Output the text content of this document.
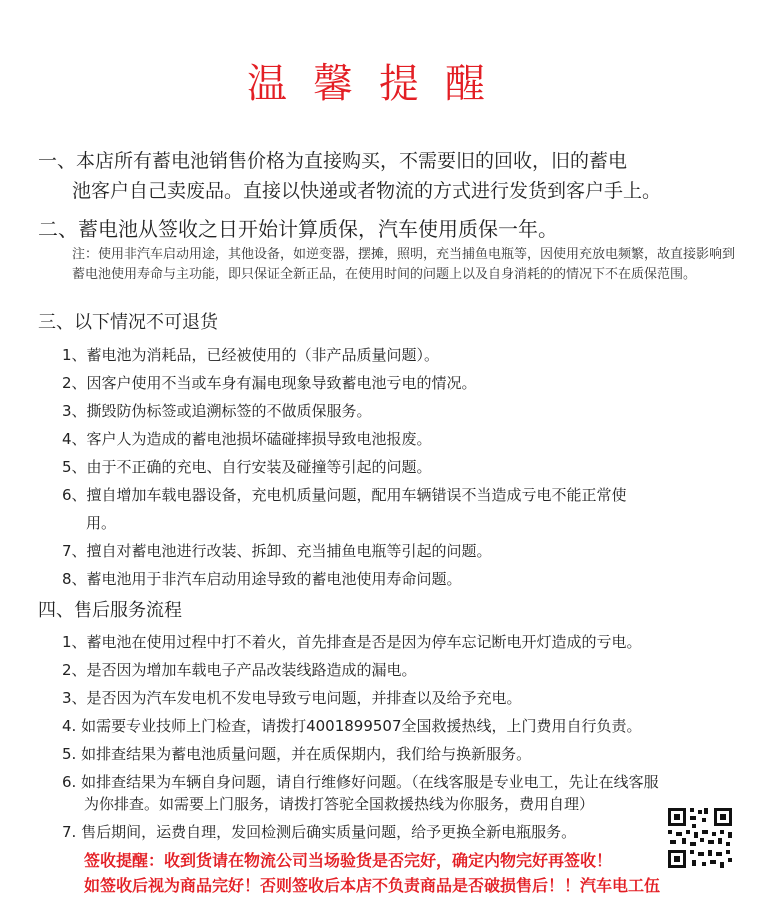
温馨提醒
一、本店所有蓄电池销售价格为直接购买，不需要旧的回收，旧的蓄电
池客户自己卖废品。直接以快递或者物流的方式进行发货到客户手上。
二、蓄电池从签收之日开始计算质保，汽车使用质保一年。
注：使用非汽车启动用途，其他设备，如逆变器，摆摊，照明，充当捕鱼电瓶等，因使用充放电频繁，故直接影响到蓄电池使用寿命与主功能，即只保证全新正品，在使用时间的问题上以及自身消耗的的情况下不在质保范围。
三、以下情况不可退货
1、蓄电池为消耗品，已经被使用的（非产品质量问题）。
2、因客户使用不当或车身有漏电现象导致蓄电池亏电的情况。
3、撕毁防伪标签或追溯标签的不做质保服务。
4、客户人为造成的蓄电池损坏磕碰摔损导致电池报废。
5、由于不正确的充电、自行安装及碰撞等引起的问题。
6、擅自增加车载电器设备，充电机质量问题，配用车辆错误不当造成亏电不能正常使
用。
7、擅自对蓄电池进行改装、拆卸、充当捕鱼电瓶等引起的问题。
8、蓄电池用于非汽车启动用途导致的蓄电池使用寿命问题。
四、售后服务流程
1、蓄电池在使用过程中打不着火，首先排查是否是因为停车忘记断电开灯造成的亏电。
2、是否因为增加车载电子产品改装线路造成的漏电。
3、是否因为汽车发电机不发电导致亏电问题，并排查以及给予充电。
4. 如需要专业技师上门检查，请拨打4001899507全国救援热线，上门费用自行负责。
5. 如排查结果为蓄电池质量问题，并在质保期内，我们给与换新服务。
6. 如排查结果为车辆自身问题，请自行维修好问题。（在线客服是专业电工，先让在线客服
为你排查。如需要上门服务，请拨打答驼全国救援热线为你服务，费用自理）
7. 售后期间，运费自理，发回检测后确实质量问题，给予更换全新电瓶服务。
签收提醒：收到货请在物流公司当场验货是否完好，确定内物完好再签收！
如签收后视为商品完好！否则签收后本店不负责商品是否破损售后！！汽车电工伍
